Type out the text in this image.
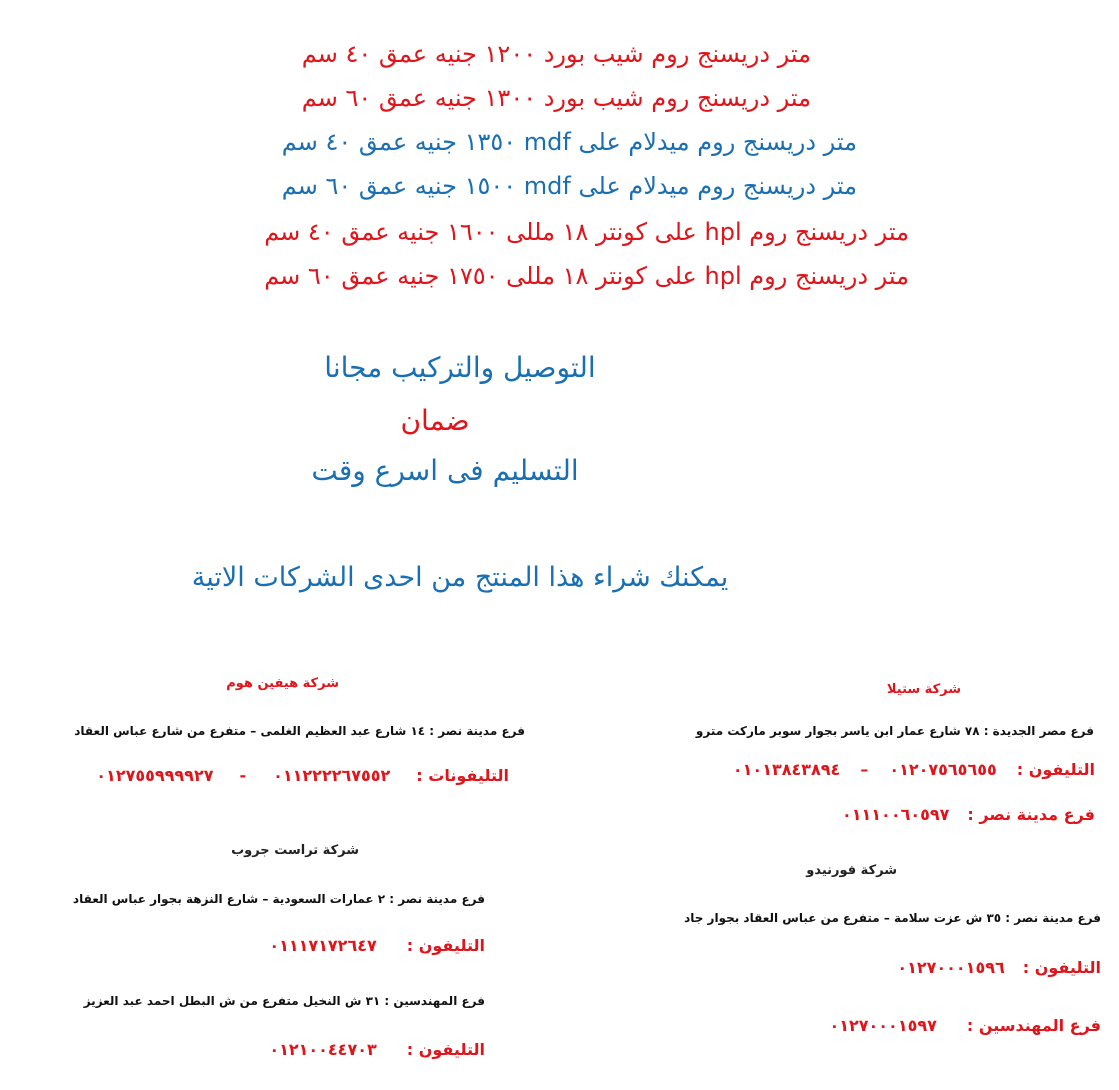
متر دريسنج روم شيب بورد ١٢٠٠ جنيه عمق ٤٠ سم
متر دريسنج روم شيب بورد ١٣٠٠ جنيه عمق ٦٠ سم
متر دريسنج روم ميدلام على mdf ١٣٥٠ جنيه عمق ٤٠ سم
متر دريسنج روم ميدلام على mdf ١٥٠٠ جنيه عمق ٦٠ سم
متر دريسنج روم hpl على كونتر ١٨ مللى ١٦٠٠ جنيه عمق ٤٠ سم
متر دريسنج روم hpl على كونتر ١٨ مللى ١٧٥٠ جنيه عمق ٦٠ سم
التوصيل والتركيب مجانا
ضمان
التسليم فى اسرع وقت
يمكنك شراء هذا المنتج من احدى الشركات الاتية
شركة هيفين هوم
فرع مدينة نصر : ١٤ شارع عبد العظيم الغلمى – متفرع من شارع عباس العقاد
التليفونات :
٠١١٢٢٢٢٦٧٥٥٢
-
٠١٢٧٥٥٩٩٩٩٢٧
شركة ستيلا
فرع مصر الجديدة : ٧٨ شارع عمار ابن ياسر بجوار سوبر ماركت مترو
التليفون :
٠١٢٠٧٥٦٥٦٥٥
–
٠١٠١٣٨٤٣٨٩٤
فرع مدينة نصر :
٠١١١٠٠٦٠٥٩٧
شركة تراست جروب
فرع مدينة نصر : ٢ عمارات السعودية – شارع النزهة بجوار عباس العقاد
التليفون :
٠١١١٧١٧٢٦٤٧
فرع المهندسين : ٣١ ش النخيل متفرع من ش البطل احمد عبد العزيز
التليفون :
٠١٢١٠٠٤٤٧٠٣
شركة فورنيدو
فرع مدينة نصر : ٣٥ ش عزت سلامة – متفرع من عباس العقاد بجوار جاد
التليفون :
٠١٢٧٠٠٠١٥٩٦
فرع المهندسين :
٠١٢٧٠٠٠١٥٩٧
